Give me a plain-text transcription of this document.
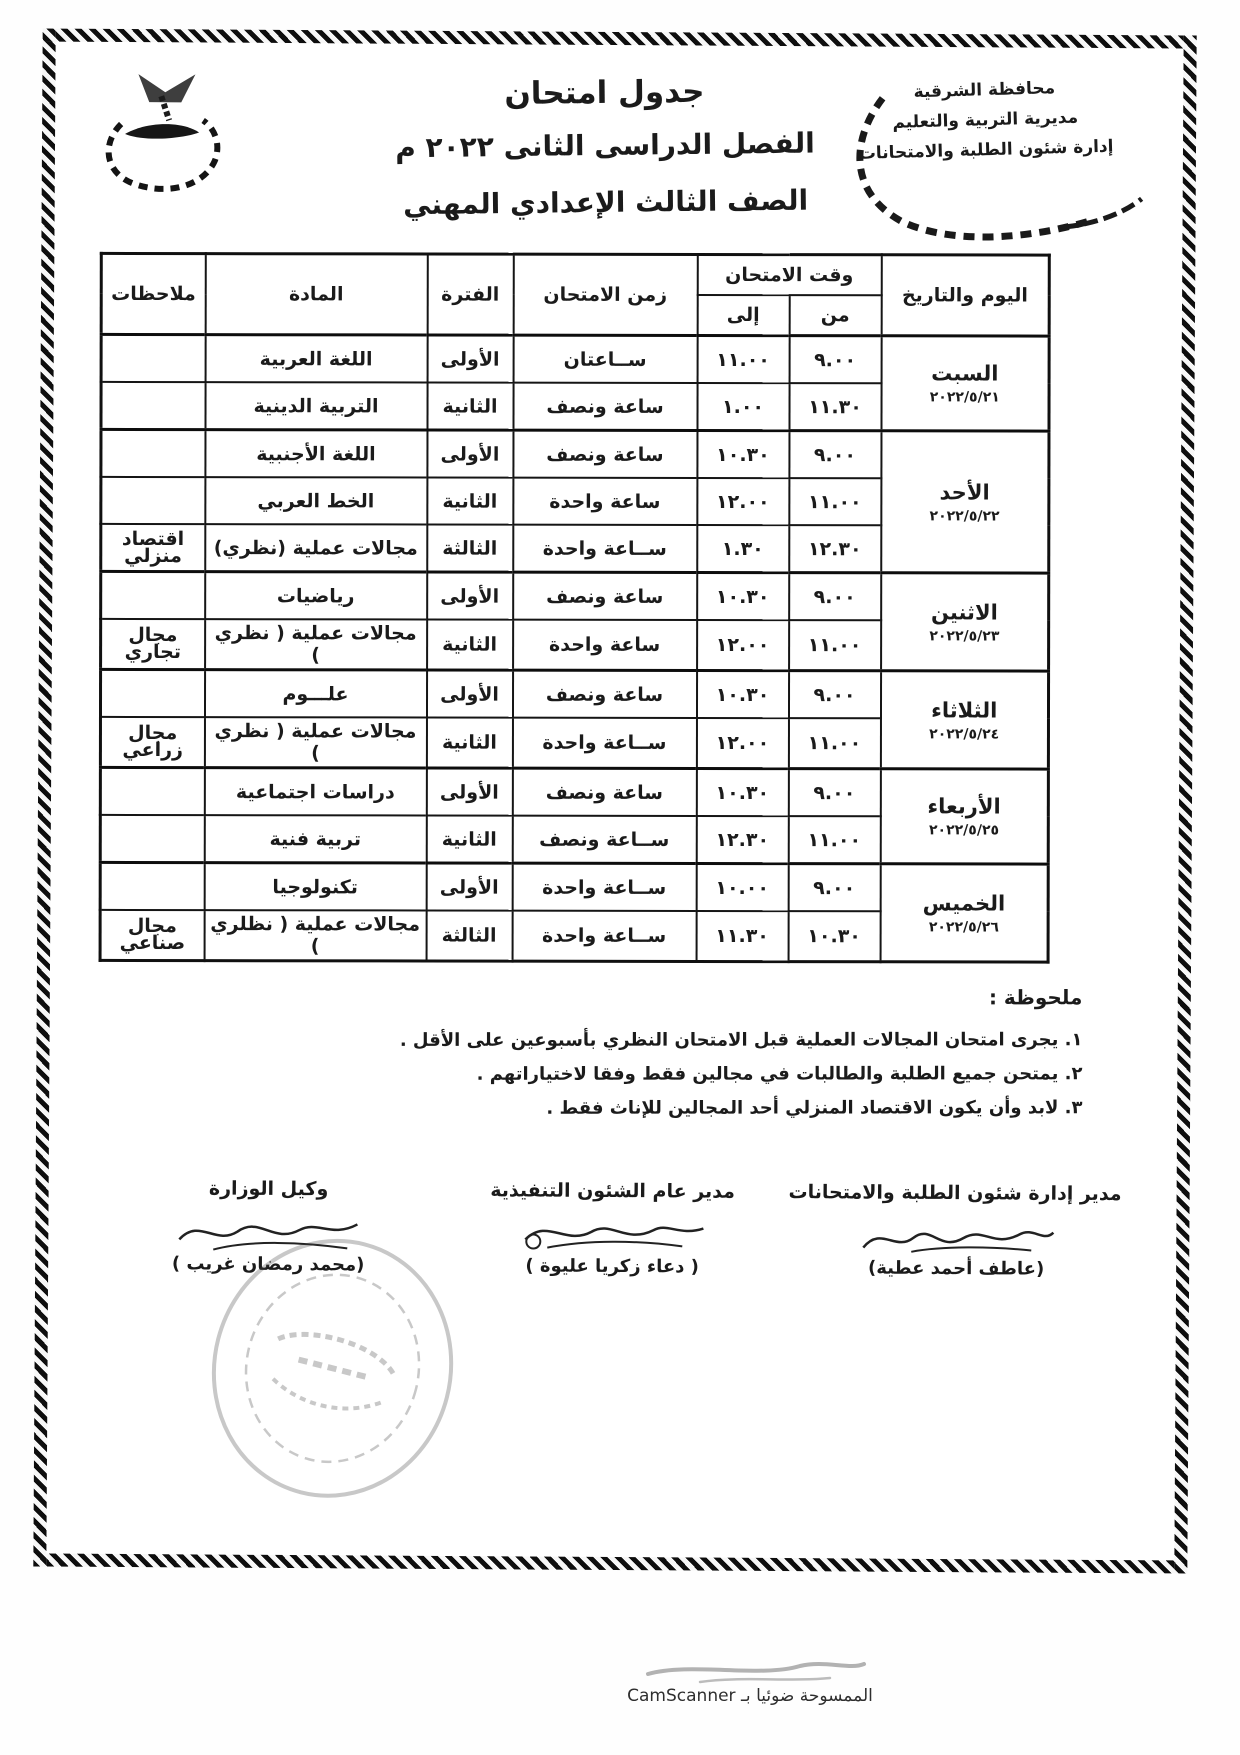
محافظة الشرقية
مديرية التربية والتعليم
إدارة شئون الطلبة والامتحانات
جدول امتحان
الفصل الدراسى الثانى ٢٠٢٢ م
الصف الثالث الإعدادي المهني
اليوم والتاريخ	وقت الامتحان		زمن الامتحان	الفترة	المادة	ملاحظات
	من	إلى				

السبت
٢٠٢٢/٥/٢١	٩.٠٠	١١.٠٠	ســاعتان	الأولى	اللغة العربية	
	١١.٣٠	١.٠٠	ساعة ونصف	الثانية	التربية الدينية	

الأحد
٢٠٢٢/٥/٢٢	٩.٠٠	١٠.٣٠	ساعة ونصف	الأولى	اللغة الأجنبية	
	١١.٠٠	١٢.٠٠	ساعة واحدة	الثانية	الخط العربي	
	١٢.٣٠	١.٣٠	ســاعة واحدة	الثالثة	مجالات عملية (نظري)	اقتصاد منزلي

الاثنين
٢٠٢٢/٥/٢٣	٩.٠٠	١٠.٣٠	ساعة ونصف	الأولى	رياضيات	
	١١.٠٠	١٢.٠٠	ساعة واحدة	الثانية	مجالات عملية ( نظري )	مجال تجاري

الثلاثاء
٢٠٢٢/٥/٢٤	٩.٠٠	١٠.٣٠	ساعة ونصف	الأولى	علـــوم	
	١١.٠٠	١٢.٠٠	ســاعة واحدة	الثانية	مجالات عملية ( نظري )	مجال زراعي

الأربعاء
٢٠٢٢/٥/٢٥	٩.٠٠	١٠.٣٠	ساعة ونصف	الأولى	دراسات اجتماعية	
	١١.٠٠	١٢.٣٠	ســاعة ونصف	الثانية	تربية فنية	

الخميس
٢٠٢٢/٥/٢٦	٩.٠٠	١٠.٠٠	ســاعة واحدة	الأولى	تكنولوجيا	
	١٠.٣٠	١١.٣٠	ســاعة واحدة	الثالثة	مجالات عملية ( نظلري )	مجال صناعي
ملحوظة :
١. يجرى امتحان المجالات العملية قبل الامتحان النظري بأسبوعين على الأقل .
٢. يمتحن جميع الطلبة والطالبات في مجالين فقط وفقا لاختياراتهم .
٣. لابد وأن يكون الاقتصاد المنزلي أحد المجالين للإناث فقط .
مدير إدارة شئون الطلبة والامتحانات
(عاطف أحمد عطية)
مدير عام الشئون التنفيذية
( دعاء زكريا عليوة )
وكيل الوزارة
(محمد رمضان غريب )
الممسوحة ضوئيا بـ CamScanner
